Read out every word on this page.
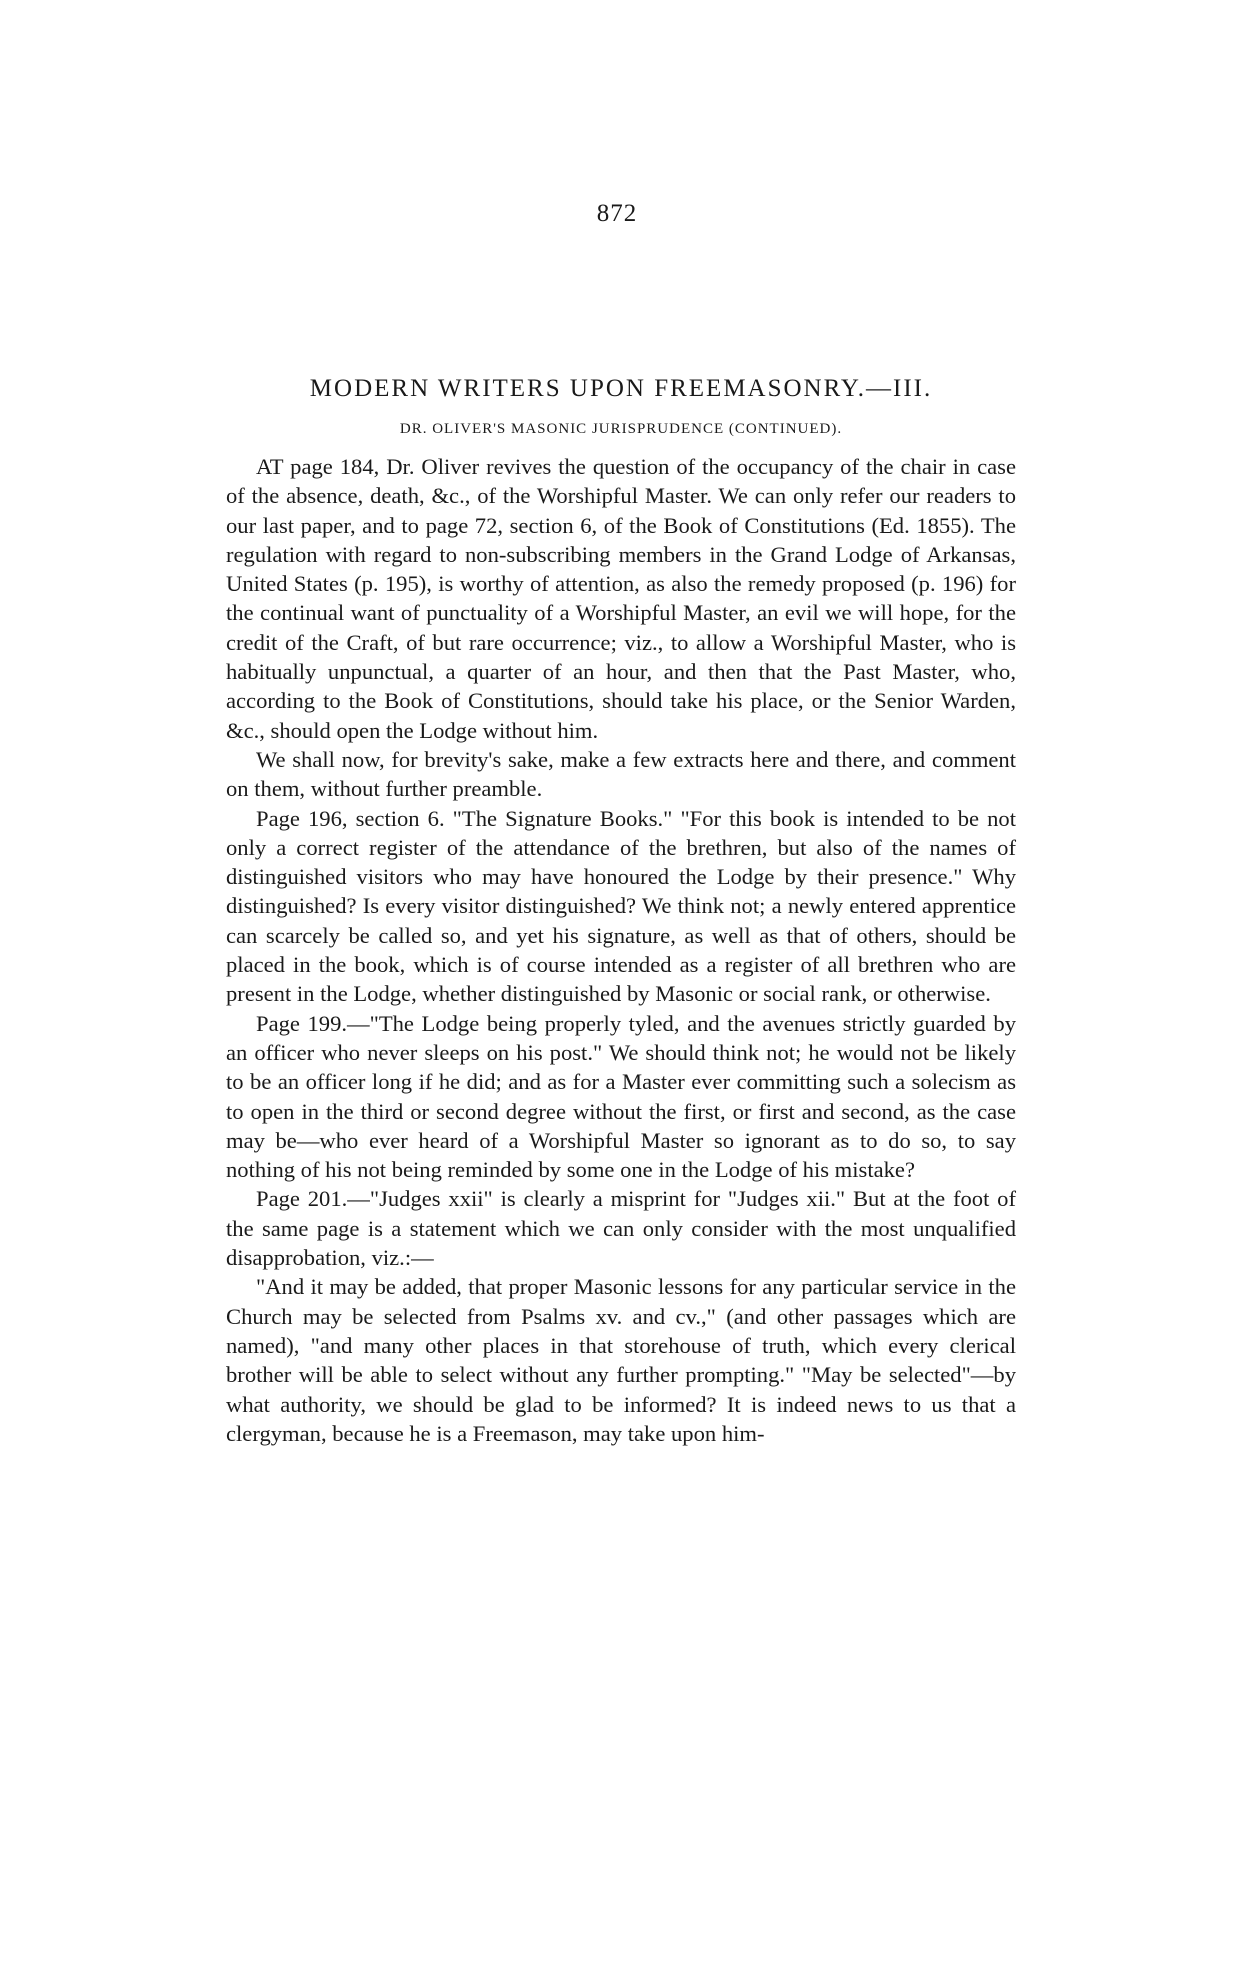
872
MODERN WRITERS UPON FREEMASONRY.—III.
DR. OLIVER'S MASONIC JURISPRUDENCE (CONTINUED).

AT page 184, Dr. Oliver revives the question of the occupancy of the chair in case of the absence, death, &c., of the Worshipful Master. We can only refer our readers to our last paper, and to page 72, section 6, of the Book of Constitutions (Ed. 1855). The regulation with regard to non-subscribing members in the Grand Lodge of Arkansas, United States (p. 195), is worthy of attention, as also the remedy proposed (p. 196) for the continual want of punctuality of a Worshipful Master, an evil we will hope, for the credit of the Craft, of but rare occurrence; viz., to allow a Worshipful Master, who is habitually unpunctual, a quarter of an hour, and then that the Past Master, who, according to the Book of Constitutions, should take his place, or the Senior Warden, &c., should open the Lodge without him.

We shall now, for brevity's sake, make a few extracts here and there, and comment on them, without further preamble.

Page 196, section 6. "The Signature Books." "For this book is intended to be not only a correct register of the attendance of the brethren, but also of the names of distinguished visitors who may have honoured the Lodge by their presence." Why distinguished? Is every visitor distinguished? We think not; a newly entered apprentice can scarcely be called so, and yet his signature, as well as that of others, should be placed in the book, which is of course intended as a register of all brethren who are present in the Lodge, whether distinguished by Masonic or social rank, or otherwise.

Page 199.—"The Lodge being properly tyled, and the avenues strictly guarded by an officer who never sleeps on his post." We should think not; he would not be likely to be an officer long if he did; and as for a Master ever committing such a solecism as to open in the third or second degree without the first, or first and second, as the case may be—who ever heard of a Worshipful Master so ignorant as to do so, to say nothing of his not being reminded by some one in the Lodge of his mistake?

Page 201.—"Judges xxii" is clearly a misprint for "Judges xii." But at the foot of the same page is a statement which we can only consider with the most unqualified disapprobation, viz.:—

"And it may be added, that proper Masonic lessons for any particular service in the Church may be selected from Psalms xv. and cv.," (and other passages which are named), "and many other places in that storehouse of truth, which every clerical brother will be able to select without any further prompting." "May be selected"—by what authority, we should be glad to be informed? It is indeed news to us that a clergyman, because he is a Freemason, may take upon him-
